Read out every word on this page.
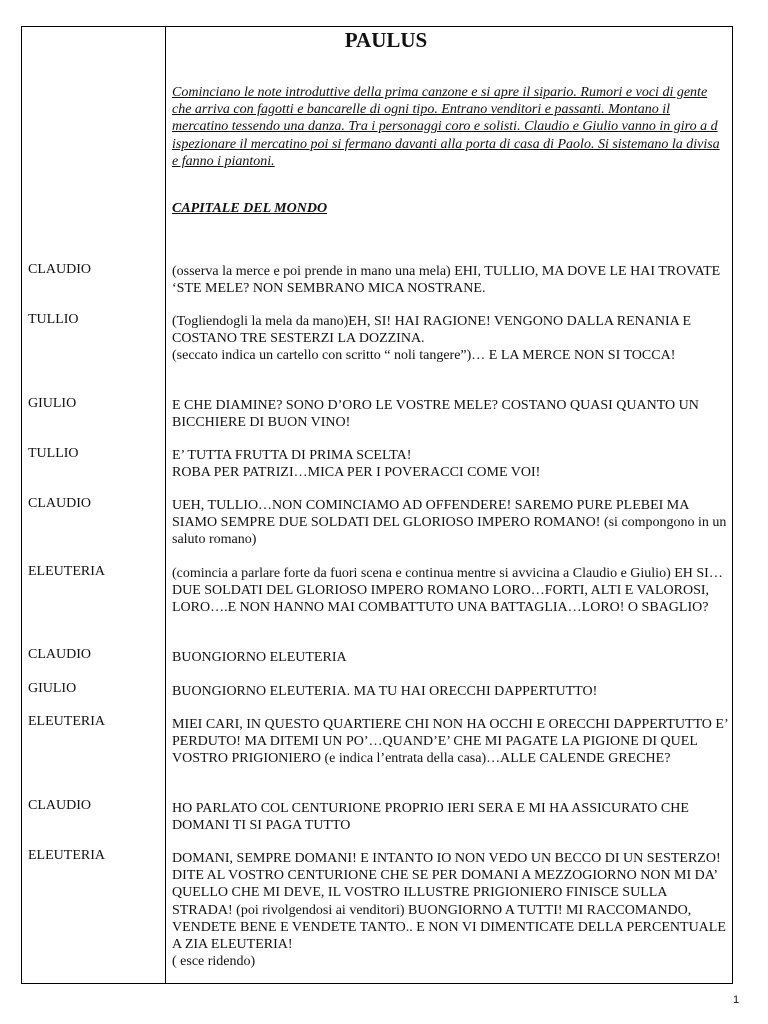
PAULUS
Cominciano le note introduttive della prima canzone e si apre il sipario. Rumori e voci di gente che arriva con fagotti e bancarelle di ogni tipo. Entrano venditori e passanti. Montano il mercatino tessendo una danza. Tra i personaggi coro e solisti. Claudio e Giulio vanno in giro a d ispezionare il mercatino poi si fermano davanti alla porta di casa di Paolo. Si sistemano la divisa e fanno i piantoni.
CAPITALE DEL MONDO
CLAUDIO	(osserva la merce e poi prende in mano una mela) EHI, TULLIO, MA DOVE LE HAI TROVATE ‘STE MELE? NON SEMBRANO MICA NOSTRANE.
TULLIO	(Togliendogli la mela da mano)EH, SI! HAI RAGIONE! VENGONO DALLA RENANIA E COSTANO TRE SESTERZI LA DOZZINA.
(seccato indica un cartello con scritto “ noli tangere”)… E LA MERCE NON SI TOCCA!
GIULIO	E CHE DIAMINE? SONO D’ORO LE VOSTRE MELE? COSTANO QUASI QUANTO UN BICCHIERE DI BUON VINO!
TULLIO	E’ TUTTA FRUTTA DI PRIMA SCELTA!
ROBA PER PATRIZI…MICA PER I POVERACCI COME VOI!
CLAUDIO	UEH, TULLIO…NON COMINCIAMO AD OFFENDERE! SAREMO PURE PLEBEI MA SIAMO SEMPRE DUE SOLDATI DEL GLORIOSO IMPERO ROMANO! (si compongono in un saluto romano)
ELEUTERIA	(comincia a parlare forte da fuori scena e continua mentre si avvicina a Claudio e Giulio) EH SI…DUE SOLDATI DEL GLORIOSO IMPERO ROMANO LORO…FORTI, ALTI E VALOROSI, LORO….E NON HANNO MAI COMBATTUTO UNA BATTAGLIA…LORO! O SBAGLIO?
CLAUDIO	BUONGIORNO ELEUTERIA
GIULIO	BUONGIORNO ELEUTERIA. MA TU HAI ORECCHI DAPPERTUTTO!
ELEUTERIA	MIEI CARI, IN QUESTO QUARTIERE CHI NON HA OCCHI E ORECCHI DAPPERTUTTO E’ PERDUTO! MA DITEMI UN PO’…QUAND’E’ CHE MI PAGATE LA PIGIONE DI QUEL VOSTRO PRIGIONIERO (e indica l’entrata della casa)…ALLE CALENDE GRECHE?
CLAUDIO	HO PARLATO COL CENTURIONE PROPRIO IERI SERA E MI HA ASSICURATO CHE DOMANI TI SI PAGA TUTTO
ELEUTERIA	DOMANI, SEMPRE DOMANI! E INTANTO IO NON VEDO UN BECCO DI UN SESTERZO! DITE AL VOSTRO CENTURIONE CHE SE PER DOMANI A MEZZOGIORNO NON MI DA’ QUELLO CHE MI DEVE, IL VOSTRO ILLUSTRE PRIGIONIERO FINISCE SULLA STRADA! (poi rivolgendosi ai venditori) BUONGIORNO A TUTTI! MI RACCOMANDO, VENDETE BENE E VENDETE TANTO.. E NON VI DIMENTICATE DELLA PERCENTUALE A ZIA ELEUTERIA!
( esce ridendo)
1
